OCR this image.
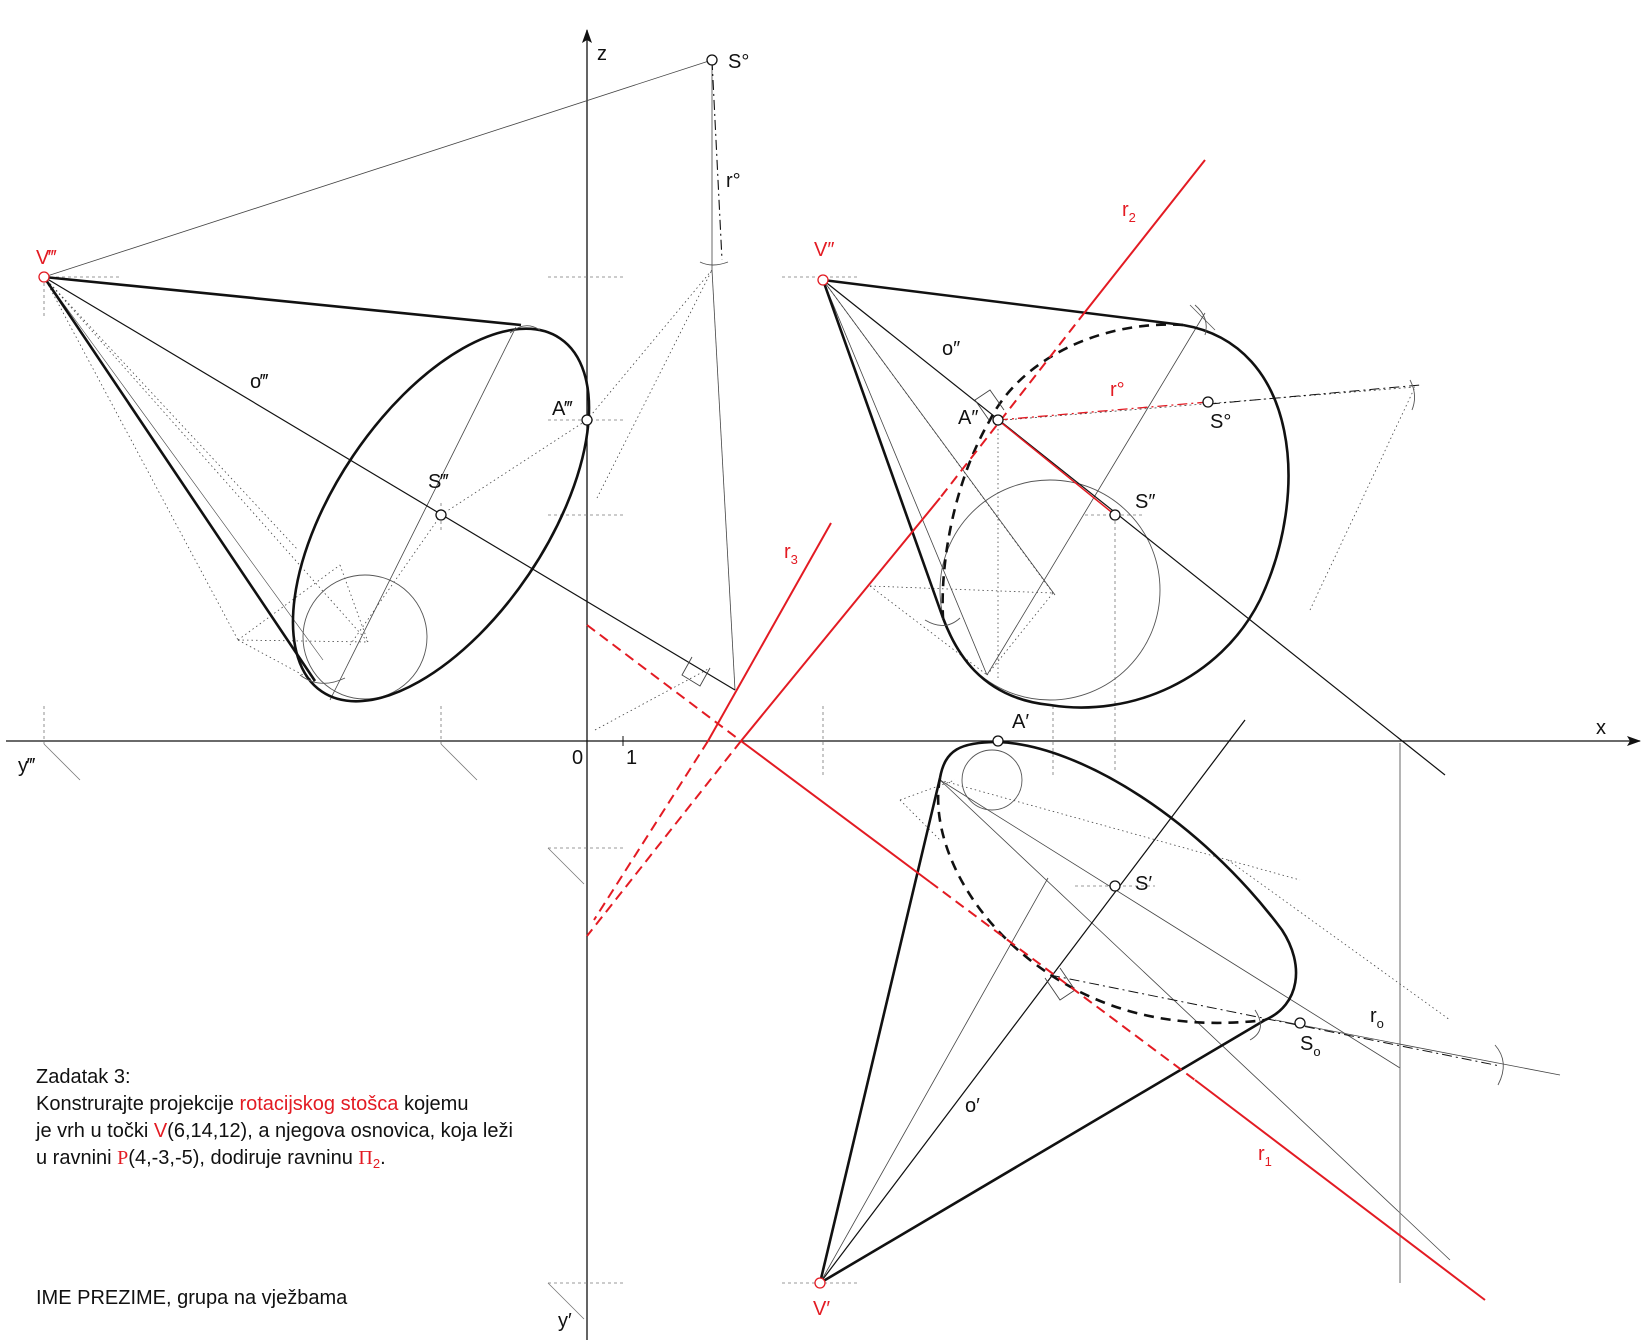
z
x
0 1
y‴
y′
V‴	V″
V′
S°
r°
o‴
A‴
S‴
o″
A″
r°
S°
S″
A′
S′
o′
$S_o$
$r_o$
$r_1$
$r_2$
$r_3$
Zadatak 3:
Konstrurajte projekcije rotacijskog stošca kojemu
je vrh u točki V(6,14,12), a njegova osnovica, koja leži
u ravnini P(4,-3,-5), dodiruje ravninu $\Pi_2$.
IME PREZIME, grupa na vježbama
